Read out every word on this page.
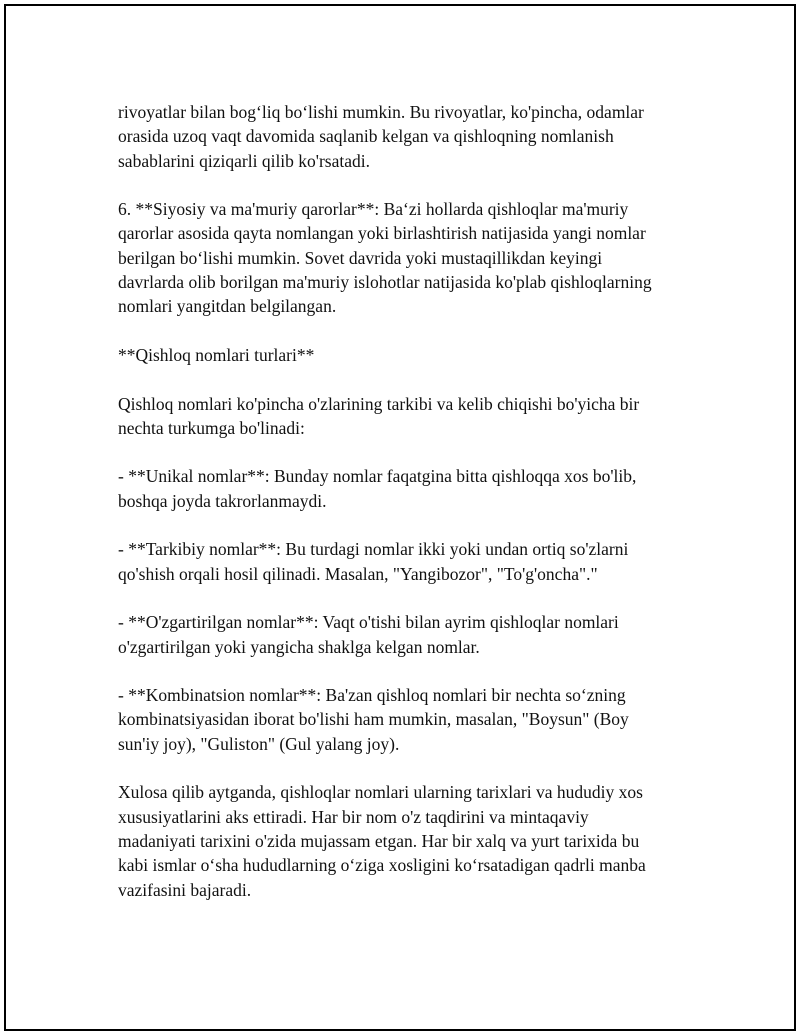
rivoyatlar bilan bog‘liq bo‘lishi mumkin. Bu rivoyatlar, ko'pincha, odamlar
orasida uzoq vaqt davomida saqlanib kelgan va qishloqning nomlanish
sabablarini qiziqarli qilib ko'rsatadi.

6. **Siyosiy va ma'muriy qarorlar**: Ba‘zi hollarda qishloqlar ma'muriy
qarorlar asosida qayta nomlangan yoki birlashtirish natijasida yangi nomlar
berilgan bo‘lishi mumkin. Sovet davrida yoki mustaqillikdan keyingi
davrlarda olib borilgan ma'muriy islohotlar natijasida ko'plab qishloqlarning
nomlari yangitdan belgilangan.

**Qishloq nomlari turlari**

Qishloq nomlari ko'pincha o'zlarining tarkibi va kelib chiqishi bo'yicha bir
nechta turkumga bo'linadi:

- **Unikal nomlar**: Bunday nomlar faqatgina bitta qishloqqa xos bo'lib,
boshqa joyda takrorlanmaydi.

- **Tarkibiy nomlar**: Bu turdagi nomlar ikki yoki undan ortiq so'zlarni
qo'shish orqali hosil qilinadi. Masalan, "Yangibozor", "To'g'oncha"."

- **O'zgartirilgan nomlar**: Vaqt o'tishi bilan ayrim qishloqlar nomlari
o'zgartirilgan yoki yangicha shaklga kelgan nomlar.

- **Kombinatsion nomlar**: Ba'zan qishloq nomlari bir nechta so‘zning
kombinatsiyasidan iborat bo'lishi ham mumkin, masalan, "Boysun" (Boy
sun'iy joy), "Guliston" (Gul yalang joy).

Xulosa qilib aytganda, qishloqlar nomlari ularning tarixlari va hududiy xos
xususiyatlarini aks ettiradi. Har bir nom o'z taqdirini va mintaqaviy
madaniyati tarixini o'zida mujassam etgan. Har bir xalq va yurt tarixida bu
kabi ismlar o‘sha hududlarning o‘ziga xosligini ko‘rsatadigan qadrli manba
vazifasini bajaradi.
